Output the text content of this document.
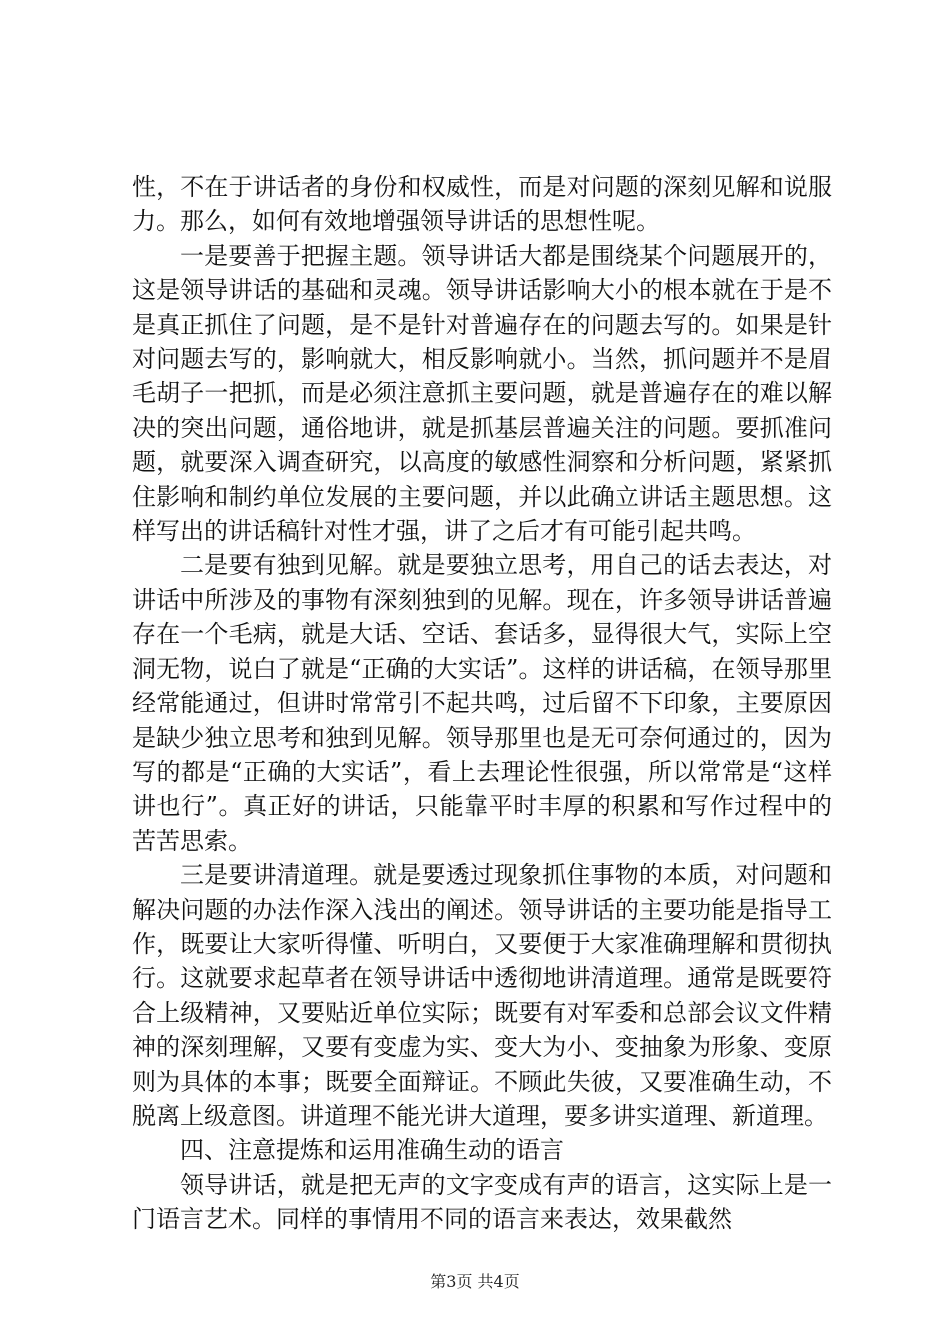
性，不在于讲话者的身份和权威性，而是对问题的深刻见解和说服力。那么，如何有效地增强领导讲话的思想性呢。

一是要善于把握主题。领导讲话大都是围绕某个问题展开的，这是领导讲话的基础和灵魂。领导讲话影响大小的根本就在于是不是真正抓住了问题，是不是针对普遍存在的问题去写的。如果是针对问题去写的，影响就大，相反影响就小。当然，抓问题并不是眉毛胡子一把抓，而是必须注意抓主要问题，就是普遍存在的难以解决的突出问题，通俗地讲，就是抓基层普遍关注的问题。要抓准问题，就要深入调查研究，以高度的敏感性洞察和分析问题，紧紧抓住影响和制约单位发展的主要问题，并以此确立讲话主题思想。这样写出的讲话稿针对性才强，讲了之后才有可能引起共鸣。

二是要有独到见解。就是要独立思考，用自己的话去表达，对讲话中所涉及的事物有深刻独到的见解。现在，许多领导讲话普遍存在一个毛病，就是大话、空话、套话多，显得很大气，实际上空洞无物，说白了就是“正确的大实话”。这样的讲话稿，在领导那里经常能通过，但讲时常常引不起共鸣，过后留不下印象，主要原因是缺少独立思考和独到见解。领导那里也是无可奈何通过的，因为写的都是“正确的大实话”，看上去理论性很强，所以常常是“这样讲也行”。真正好的讲话，只能靠平时丰厚的积累和写作过程中的苦苦思索。

三是要讲清道理。就是要透过现象抓住事物的本质，对问题和解决问题的办法作深入浅出的阐述。领导讲话的主要功能是指导工作，既要让大家听得懂、听明白，又要便于大家准确理解和贯彻执行。这就要求起草者在领导讲话中透彻地讲清道理。通常是既要符合上级精神，又要贴近单位实际；既要有对军委和总部会议文件精神的深刻理解，又要有变虚为实、变大为小、变抽象为形象、变原则为具体的本事；既要全面辩证。不顾此失彼，又要准确生动，不脱离上级意图。讲道理不能光讲大道理，要多讲实道理、新道理。

四、注意提炼和运用准确生动的语言

领导讲话，就是把无声的文字变成有声的语言，这实际上是一门语言艺术。同样的事情用不同的语言来表达，效果截然

第3页 共4页
